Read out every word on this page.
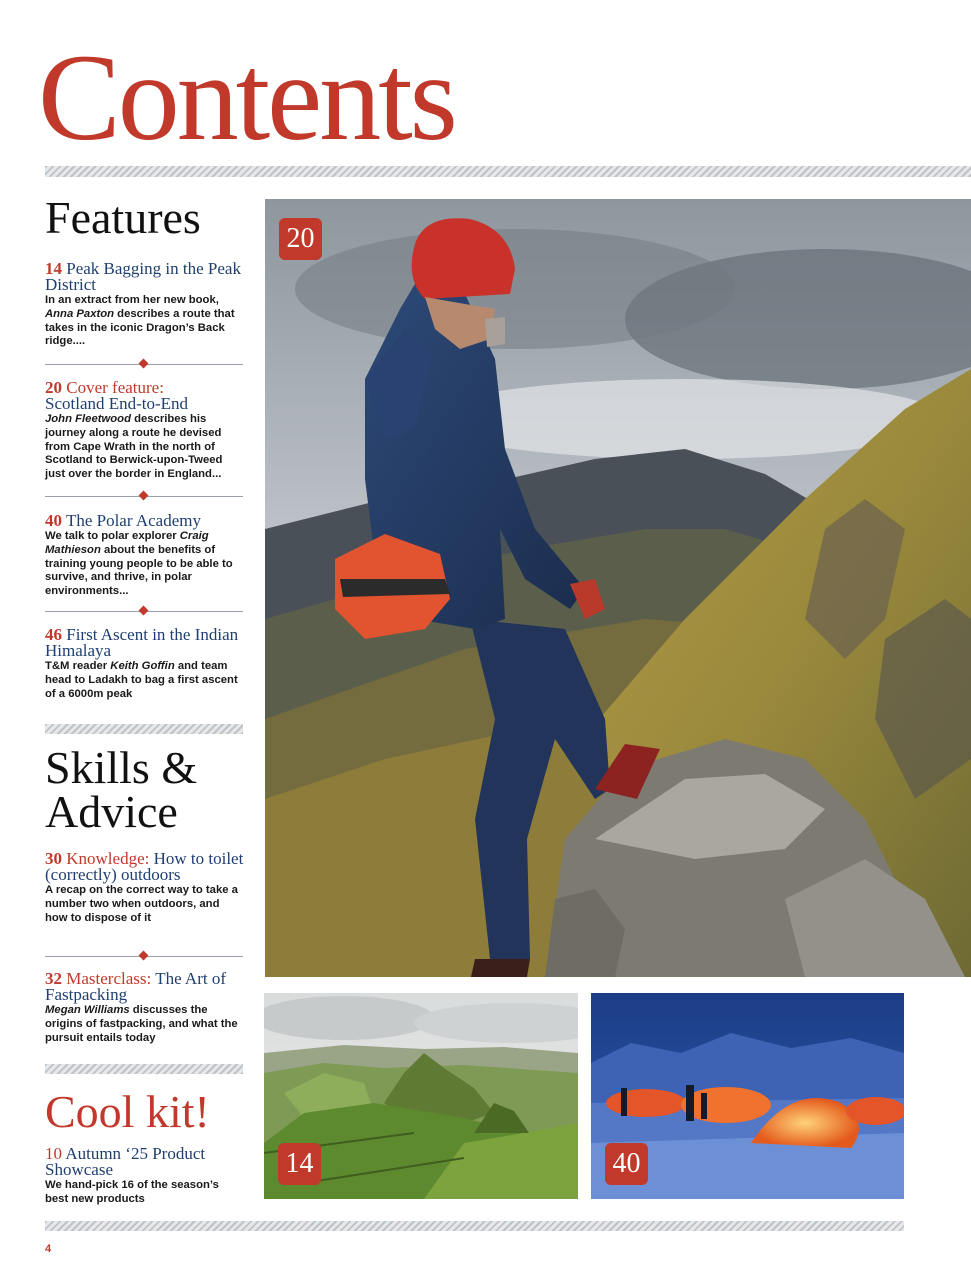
Contents
Features
14 Peak Bagging in the Peak District
In an extract from her new book, Anna Paxton describes a route that takes in the iconic Dragon’s Back ridge....
20 Cover feature:
Scotland End-to-End
John Fleetwood describes his journey along a route he devised from Cape Wrath in the north of Scotland to Berwick-upon-Tweed just over the border in England...
40 The Polar Academy
We talk to polar explorer Craig Mathieson about the benefits of training young people to be able to survive, and thrive, in polar environments...
46 First Ascent in the Indian Himalaya
T&M reader Keith Goffin and team head to Ladakh to bag a first ascent of a 6000m peak
Skills & Advice
30 Knowledge: How to toilet (correctly) outdoors
A recap on the correct way to take a number two when outdoors, and how to dispose of it
32 Masterclass: The Art of Fastpacking
Megan Williams discusses the origins of fastpacking, and what the pursuit entails today
Cool kit!
10 Autumn ‘25 Product Showcase
We hand-pick 16 of the season’s best new products
20
14	40
4
